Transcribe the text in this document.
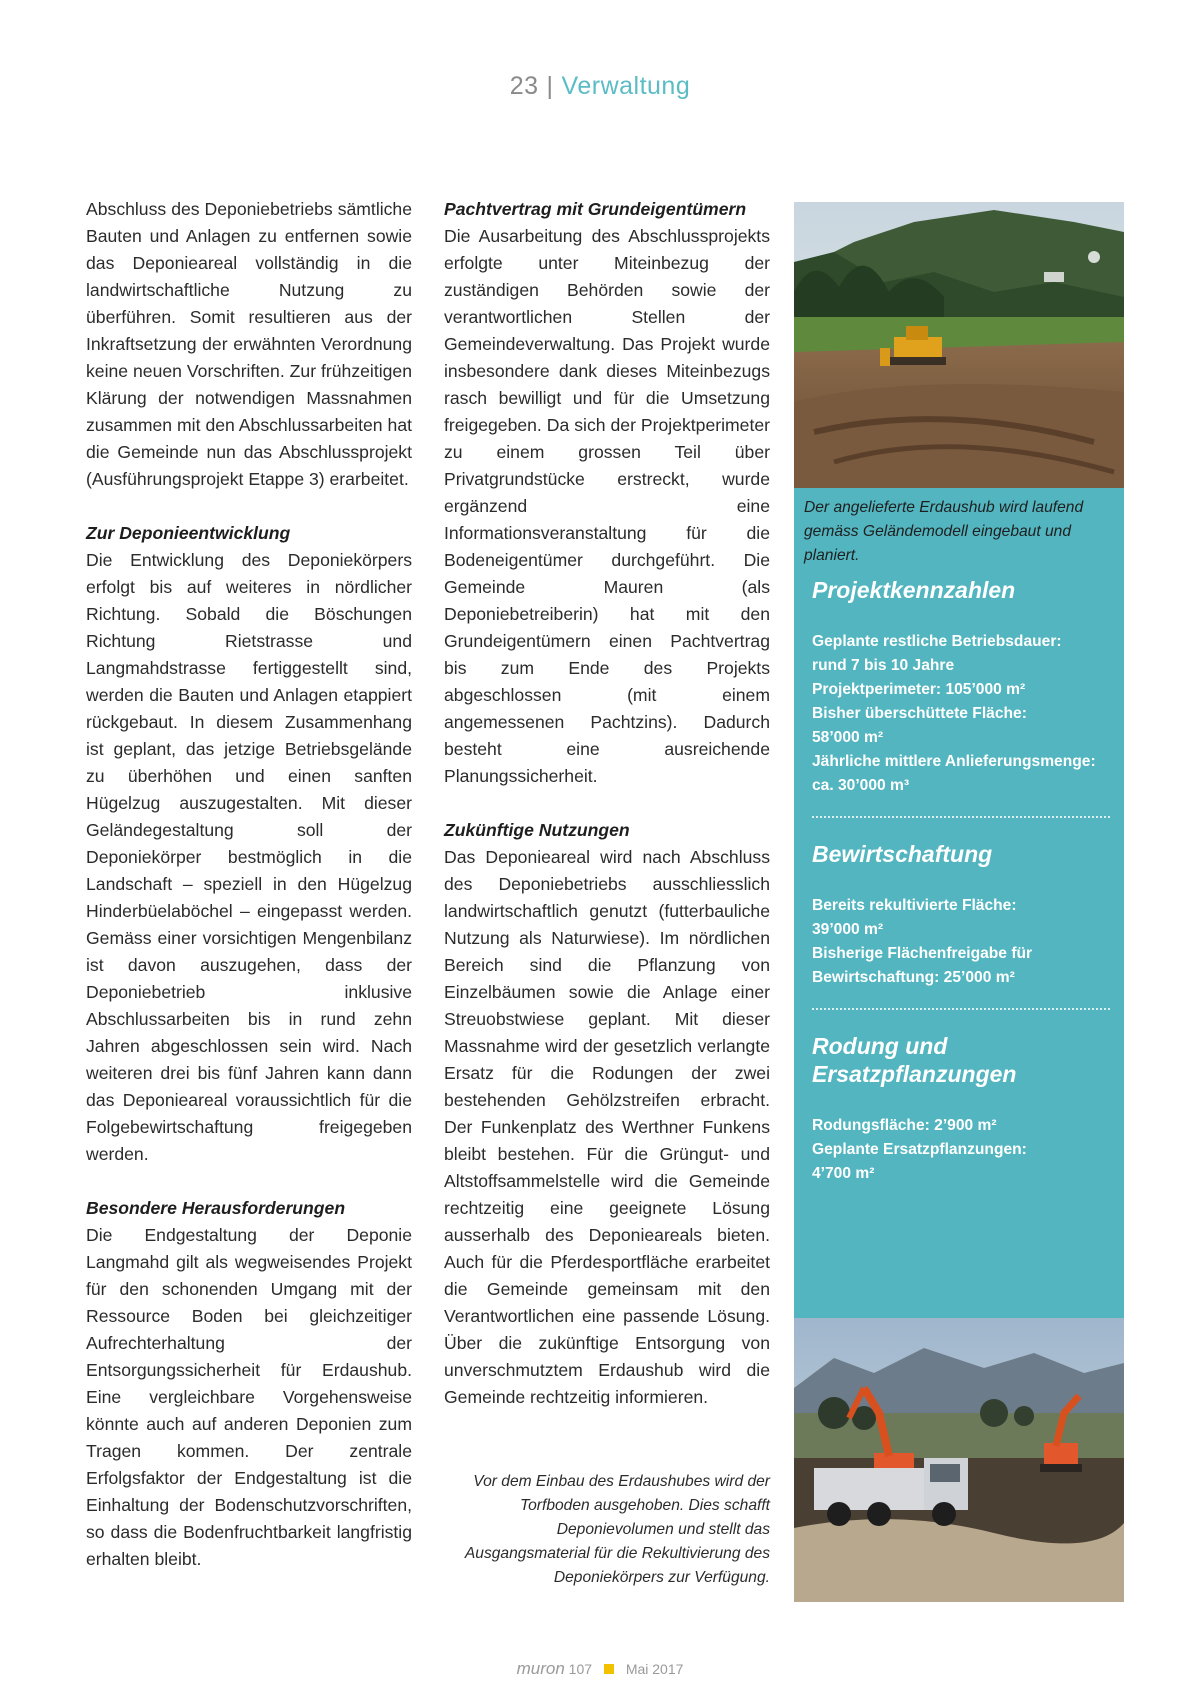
23 | Verwaltung

Abschluss des Deponiebetriebs sämtliche Bauten und Anlagen zu entfernen sowie das Deponieareal vollständig in die landwirtschaftliche Nutzung zu überführen. Somit resultieren aus der Inkraftsetzung der erwähnten Verordnung keine neuen Vorschriften. Zur frühzeitigen Klärung der notwendigen Massnahmen zusammen mit den Abschlussarbeiten hat die Gemeinde nun das Abschlussprojekt (Ausführungsprojekt Etappe 3) erarbeitet.

Zur Deponieentwicklung

Die Entwicklung des Deponiekörpers erfolgt bis auf weiteres in nördlicher Richtung. Sobald die Böschungen Richtung Rietstrasse und Langmahdstrasse fertiggestellt sind, werden die Bauten und Anlagen etappiert rückgebaut. In diesem Zusammenhang ist geplant, das jetzige Betriebsgelände zu überhöhen und einen sanften Hügelzug auszugestalten. Mit dieser Geländegestaltung soll der Deponiekörper bestmöglich in die Landschaft – speziell in den Hügelzug Hinderbüelaböchel – eingepasst werden. Gemäss einer vorsichtigen Mengenbilanz ist davon auszugehen, dass der Deponiebetrieb inklusive Abschlussarbeiten bis in rund zehn Jahren abgeschlossen sein wird. Nach weiteren drei bis fünf Jahren kann dann das Deponieareal voraussichtlich für die Folgebewirtschaftung freigegeben werden.

Besondere Herausforderungen

Die Endgestaltung der Deponie Langmahd gilt als wegweisendes Projekt für den schonenden Umgang mit der Ressource Boden bei gleichzeitiger Aufrechterhaltung der Entsorgungssicherheit für Erdaushub. Eine vergleichbare Vorgehensweise könnte auch auf anderen Deponien zum Tragen kommen. Der zentrale Erfolgsfaktor der Endgestaltung ist die Einhaltung der Bodenschutzvorschriften, so dass die Bodenfruchtbarkeit langfristig erhalten bleibt.

Pachtvertrag mit Grundeigentümern

Die Ausarbeitung des Abschlussprojekts erfolgte unter Miteinbezug der zuständigen Behörden sowie der verantwortlichen Stellen der Gemeindeverwaltung. Das Projekt wurde insbesondere dank dieses Miteinbezugs rasch bewilligt und für die Umsetzung freigegeben. Da sich der Projektperimeter zu einem grossen Teil über Privatgrundstücke erstreckt, wurde ergänzend eine Informationsveranstaltung für die Bodeneigentümer durchgeführt. Die Gemeinde Mauren (als Deponiebetreiberin) hat mit den Grundeigentümern einen Pachtvertrag bis zum Ende des Projekts abgeschlossen (mit einem angemessenen Pachtzins). Dadurch besteht eine ausreichende Planungssicherheit.

Zukünftige Nutzungen

Das Deponieareal wird nach Abschluss des Deponiebetriebs ausschliesslich landwirtschaftlich genutzt (futterbauliche Nutzung als Naturwiese). Im nördlichen Bereich sind die Pflanzung von Einzelbäumen sowie die Anlage einer Streuobstwiese geplant. Mit dieser Massnahme wird der gesetzlich verlangte Ersatz für die Rodungen der zwei bestehenden Gehölzstreifen erbracht. Der Funkenplatz des Werthner Funkens bleibt bestehen. Für die Grüngut- und Altstoffsammelstelle wird die Gemeinde rechtzeitig eine geeignete Lösung ausserhalb des Deponieareals bieten. Auch für die Pferdesportfläche erarbeitet die Gemeinde gemeinsam mit den Verantwortlichen eine passende Lösung. Über die zukünftige Entsorgung von unverschmutztem Erdaushub wird die Gemeinde rechtzeitig informieren.

Der angelieferte Erdaushub wird laufend gemäss Geländemodell eingebaut und planiert.
Projektkennzahlen
Geplante restliche Betriebsdauer:
rund 7 bis 10 Jahre
Projektperimeter: 105’000 m²
Bisher überschüttete Fläche:
58’000 m²
Jährliche mittlere Anlieferungsmenge:
ca. 30’000 m³
Bewirtschaftung
Bereits rekultivierte Fläche:
39’000 m²
Bisherige Flächenfreigabe für
Bewirtschaftung: 25’000 m²
Rodung und
Ersatzpflanzungen
Rodungsfläche: 2’900 m²
Geplante Ersatzpflanzungen:
4’700 m²
Vor dem Einbau des Erdaushubes wird der Torfboden ausgehoben. Dies schafft Deponievolumen und stellt das Ausgangsmaterial für die Rekultivierung des Deponiekörpers zur Verfügung.
muron 107 Mai 2017
